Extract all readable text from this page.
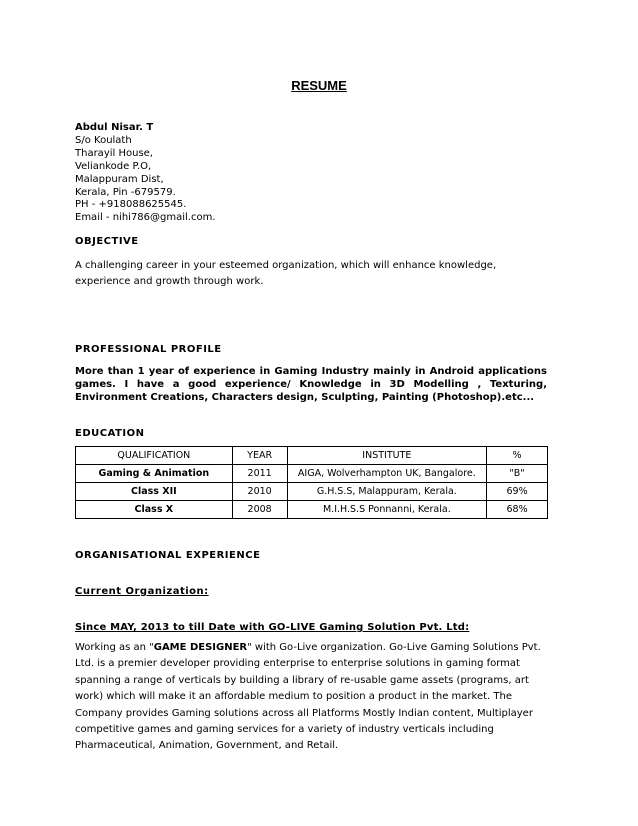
RESUME
Abdul Nisar. T
S/o Koulath
Tharayil House,
Veliankode P.O,
Malappuram Dist,
Kerala, Pin -679579.
PH - +918088625545.
Email - nihi786@gmail.com.
OBJECTIVE
A challenging career in your esteemed organization, which will enhance knowledge, experience and growth through work.
PROFESSIONAL PROFILE
More than 1 year of experience in Gaming Industry mainly in Android applications games. I have a good experience/ Knowledge in 3D Modelling , Texturing, Environment Creations, Characters design, Sculpting, Painting (Photoshop).etc...
EDUCATION
QUALIFICATION	YEAR	INSTITUTE	%
Gaming & Animation	2011	AIGA, Wolverhampton UK, Bangalore.	"B"
Class XII	2010	G.H.S.S, Malappuram, Kerala.	69%
Class X	2008	M.I.H.S.S Ponnanni, Kerala.	68%
ORGANISATIONAL EXPERIENCE
Current Organization:
Since MAY, 2013 to till Date with GO-LIVE Gaming Solution Pvt. Ltd:
Working as an "GAME DESIGNER" with Go-Live organization. Go-Live Gaming Solutions Pvt. Ltd. is a premier developer providing enterprise to enterprise solutions in gaming format spanning a range of verticals by building a library of re-usable game assets (programs, art work) which will make it an affordable medium to position a product in the market. The Company provides Gaming solutions across all Platforms Mostly Indian content, Multiplayer competitive games and gaming services for a variety of industry verticals including Pharmaceutical, Animation, Government, and Retail.
